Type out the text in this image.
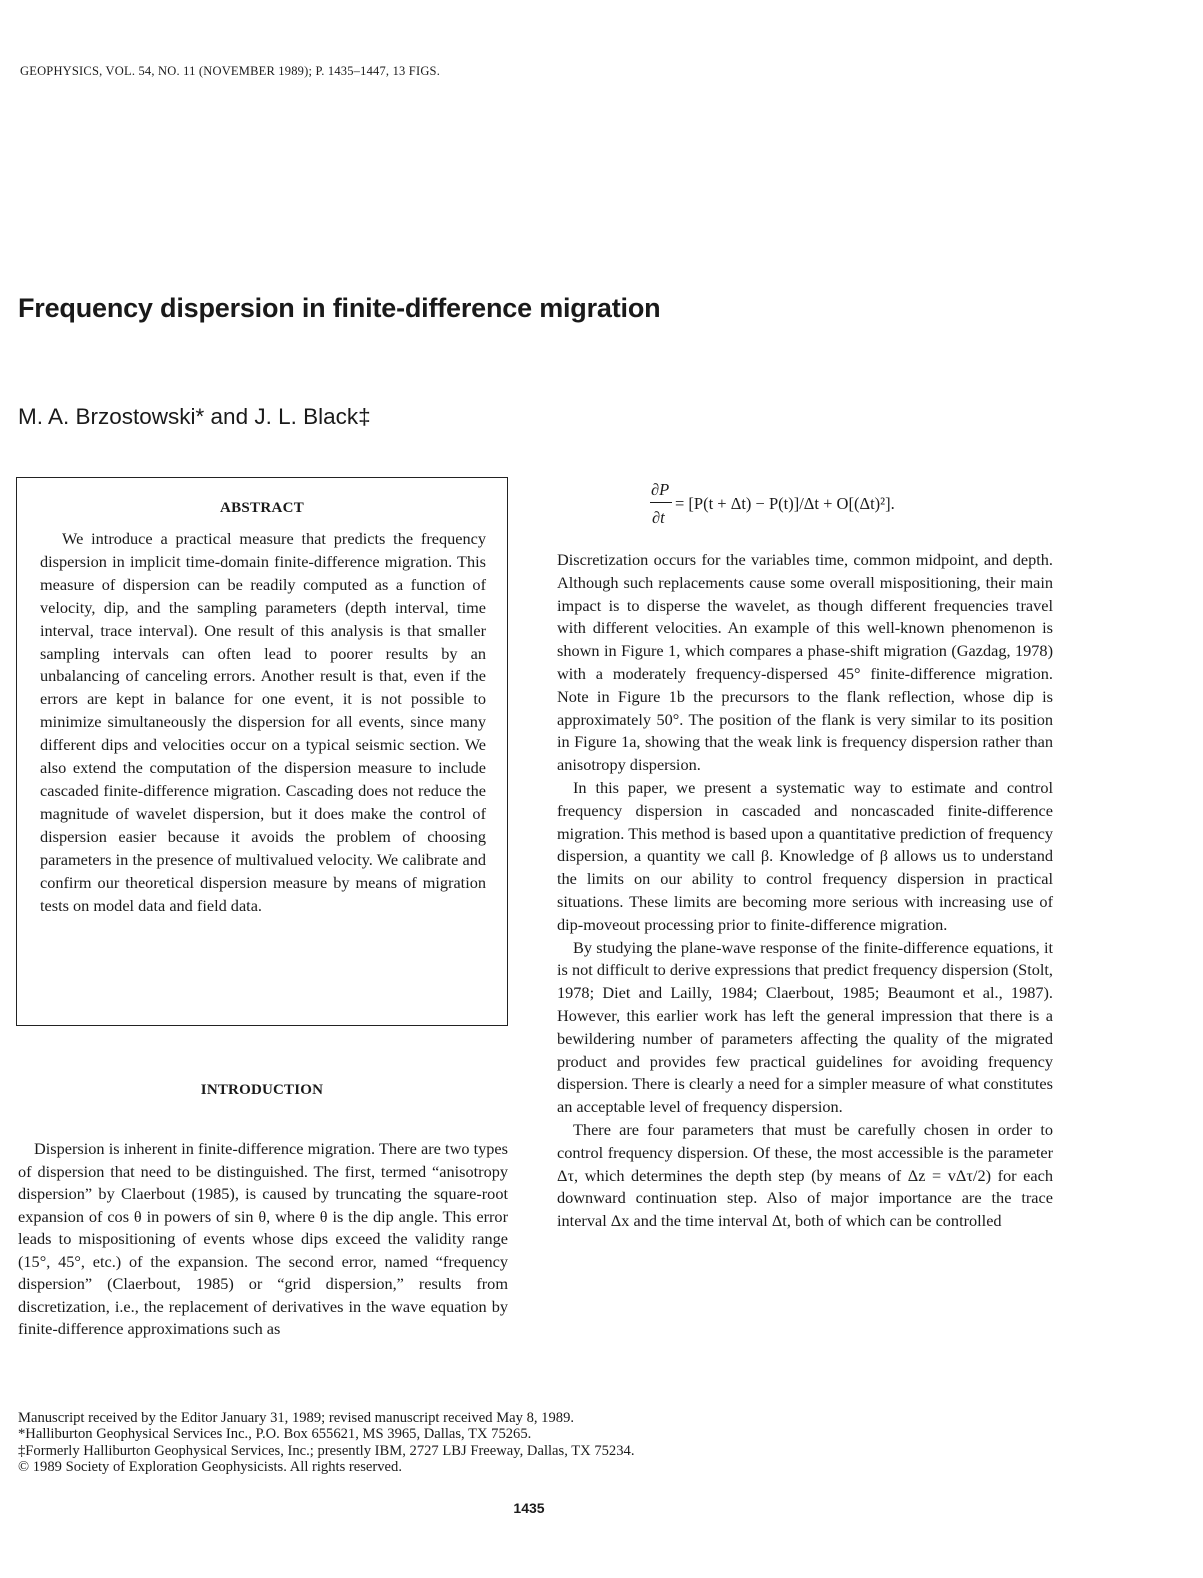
GEOPHYSICS, VOL. 54, NO. 11 (NOVEMBER 1989); P. 1435–1447, 13 FIGS.
Frequency dispersion in finite-difference migration
M. A. Brzostowski* and J. L. Black‡
ABSTRACT

We introduce a practical measure that predicts the frequency dispersion in implicit time-domain finite-difference migration. This measure of dispersion can be readily computed as a function of velocity, dip, and the sampling parameters (depth interval, time interval, trace interval). One result of this analysis is that smaller sampling intervals can often lead to poorer results by an unbalancing of canceling errors. Another result is that, even if the errors are kept in balance for one event, it is not possible to minimize simultaneously the dispersion for all events, since many different dips and velocities occur on a typical seismic section. We also extend the computation of the dispersion measure to include cascaded finite-difference migration. Cascading does not reduce the magnitude of wavelet dispersion, but it does make the control of dispersion easier because it avoids the problem of choosing parameters in the presence of multivalued velocity. We calibrate and confirm our theoretical dispersion measure by means of migration tests on model data and field data.

INTRODUCTION

Dispersion is inherent in finite-difference migration. There are two types of dispersion that need to be distinguished. The first, termed “anisotropy dispersion” by Claerbout (1985), is caused by truncating the square-root expansion of cos θ in powers of sin θ, where θ is the dip angle. This error leads to mispositioning of events whose dips exceed the validity range (15°, 45°, etc.) of the expansion. The second error, named “frequency dispersion” (Claerbout, 1985) or “grid dispersion,” results from discretization, i.e., the replacement of derivatives in the wave equation by finite-difference approximations such as

∂P
∂t
= [P(t + Δt) − P(t)]/Δt + O[(Δt)²].

Discretization occurs for the variables time, common midpoint, and depth. Although such replacements cause some overall mispositioning, their main impact is to disperse the wavelet, as though different frequencies travel with different velocities. An example of this well-known phenomenon is shown in Figure 1, which compares a phase-shift migration (Gazdag, 1978) with a moderately frequency-dispersed 45° finite-difference migration. Note in Figure 1b the precursors to the flank reflection, whose dip is approximately 50°. The position of the flank is very similar to its position in Figure 1a, showing that the weak link is frequency dispersion rather than anisotropy dispersion.

In this paper, we present a systematic way to estimate and control frequency dispersion in cascaded and noncascaded finite-difference migration. This method is based upon a quantitative prediction of frequency dispersion, a quantity we call β. Knowledge of β allows us to understand the limits on our ability to control frequency dispersion in practical situations. These limits are becoming more serious with increasing use of dip-moveout processing prior to finite-difference migration.

By studying the plane-wave response of the finite-difference equations, it is not difficult to derive expressions that predict frequency dispersion (Stolt, 1978; Diet and Lailly, 1984; Claerbout, 1985; Beaumont et al., 1987). However, this earlier work has left the general impression that there is a bewildering number of parameters affecting the quality of the migrated product and provides few practical guidelines for avoiding frequency dispersion. There is clearly a need for a simpler measure of what constitutes an acceptable level of frequency dispersion.

There are four parameters that must be carefully chosen in order to control frequency dispersion. Of these, the most accessible is the parameter Δτ, which determines the depth step (by means of Δz = vΔτ/2) for each downward continuation step. Also of major importance are the trace interval Δx and the time interval Δt, both of which can be controlled

Manuscript received by the Editor January 31, 1989; revised manuscript received May 8, 1989.
*Halliburton Geophysical Services Inc., P.O. Box 655621, MS 3965, Dallas, TX 75265.
‡Formerly Halliburton Geophysical Services, Inc.; presently IBM, 2727 LBJ Freeway, Dallas, TX 75234.
© 1989 Society of Exploration Geophysicists. All rights reserved.
1435
